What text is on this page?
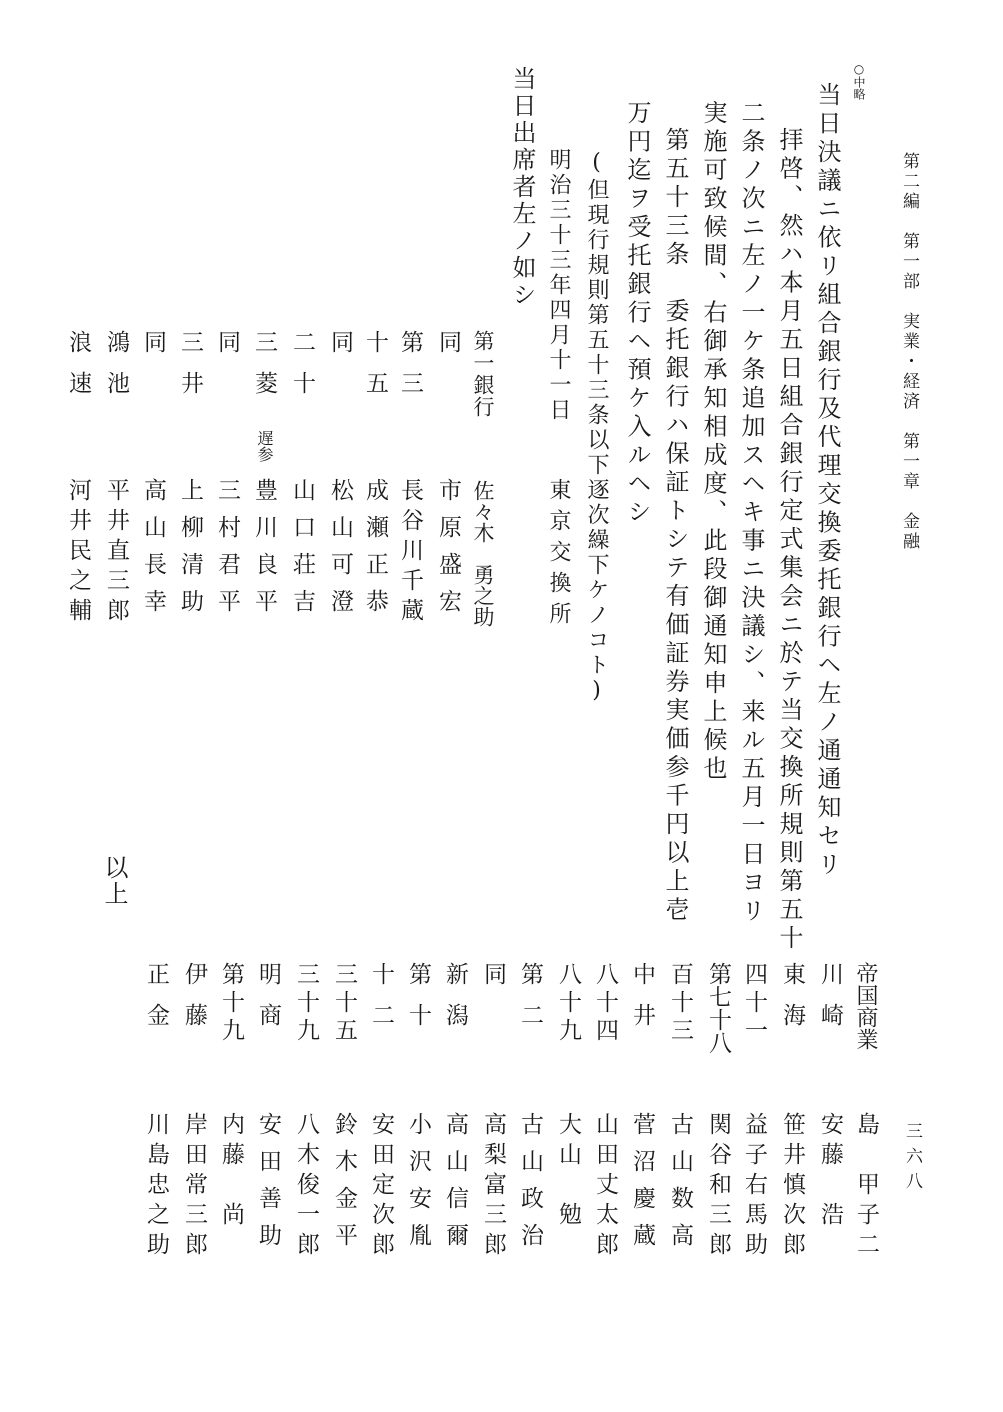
第二編　第一部　実業・経済　第一章　金融
三六八
○中略
当日決議ニ依リ組合銀行及代理交換委托銀行ヘ左ノ通通知セリ
拝啓、然ハ本月五日組合銀行定式集会ニ於テ当交換所規則第五十
二条ノ次ニ左ノ一ケ条追加スヘキ事ニ決議シ、来ル五月一日ヨリ
実施可致候間、右御承知相成度、此段御通知申上候也
第五十三条　委托銀行ハ保証トシテ有価証券実価参千円以上壱
万円迄ヲ受托銀行ヘ預ケ入ルヘシ
(但現行規則第五十三条以下逐次繰下ケノコト)
明治三十三年四月十一日
東京交換所
当日出席者左ノ如シ
第一銀行
同
第三
十五
同
二十
三菱
同
三井
同
鴻池
浪速
遅参
佐々木　勇之助
市原盛宏
長谷川千蔵
成瀬正恭
松山可澄
山口荘吉
豊川良平
三村君平
上柳清助
高山長幸
平井直三郎
河井民之輔
以上
帝国商業
川崎
東海
四十一
第七十八
百十三
中井
八十四
八十九
第二
同
新潟
第十
十二
三十五
三十九
明商
第十九
伊藤
正金
島　甲子二
安藤　浩
笹井慎次郎
益子右馬助
関谷和三郎
古山数高
菅沼慶蔵
山田丈太郎
大山　勉
古山政治
高梨富三郎
高山信爾
小沢安胤
安田定次郎
鈴木金平
八木俊一郎
安田善助
内藤　尚
岸田常三郎
川島忠之助
